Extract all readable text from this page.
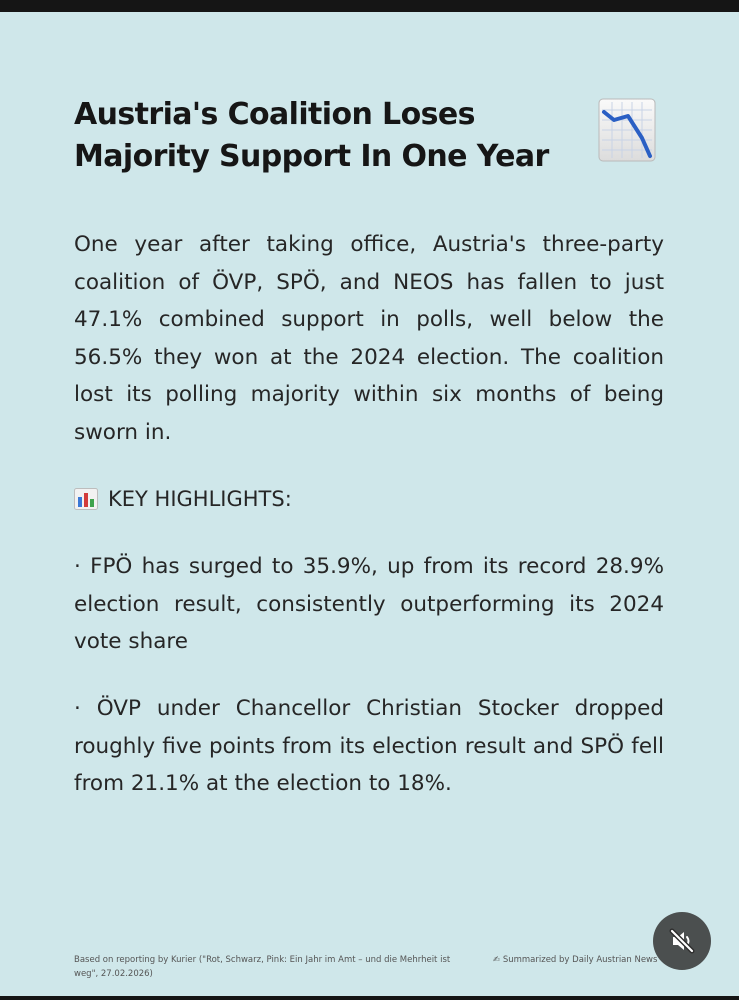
Austria's Coalition Loses Majority Support In One Year

One year after taking office, Austria's three-party coalition of ÖVP, SPÖ, and NEOS has fallen to just 47.1% combined support in polls, well below the 56.5% they won at the 2024 election. The coalition lost its polling majority within six months of being sworn in.

KEY HIGHLIGHTS:

· FPÖ has surged to 35.9%, up from its record 28.9% election result, consistently outperforming its 2024 vote share

· ÖVP under Chancellor Christian Stocker dropped roughly five points from its election result and SPÖ fell from 21.1% at the election to 18%.

Based on reporting by Kurier ("Rot, Schwarz, Pink: Ein Jahr im Amt – und die Mehrheit ist weg", 27.02.2026)
✍ Summarized by Daily Austrian News
